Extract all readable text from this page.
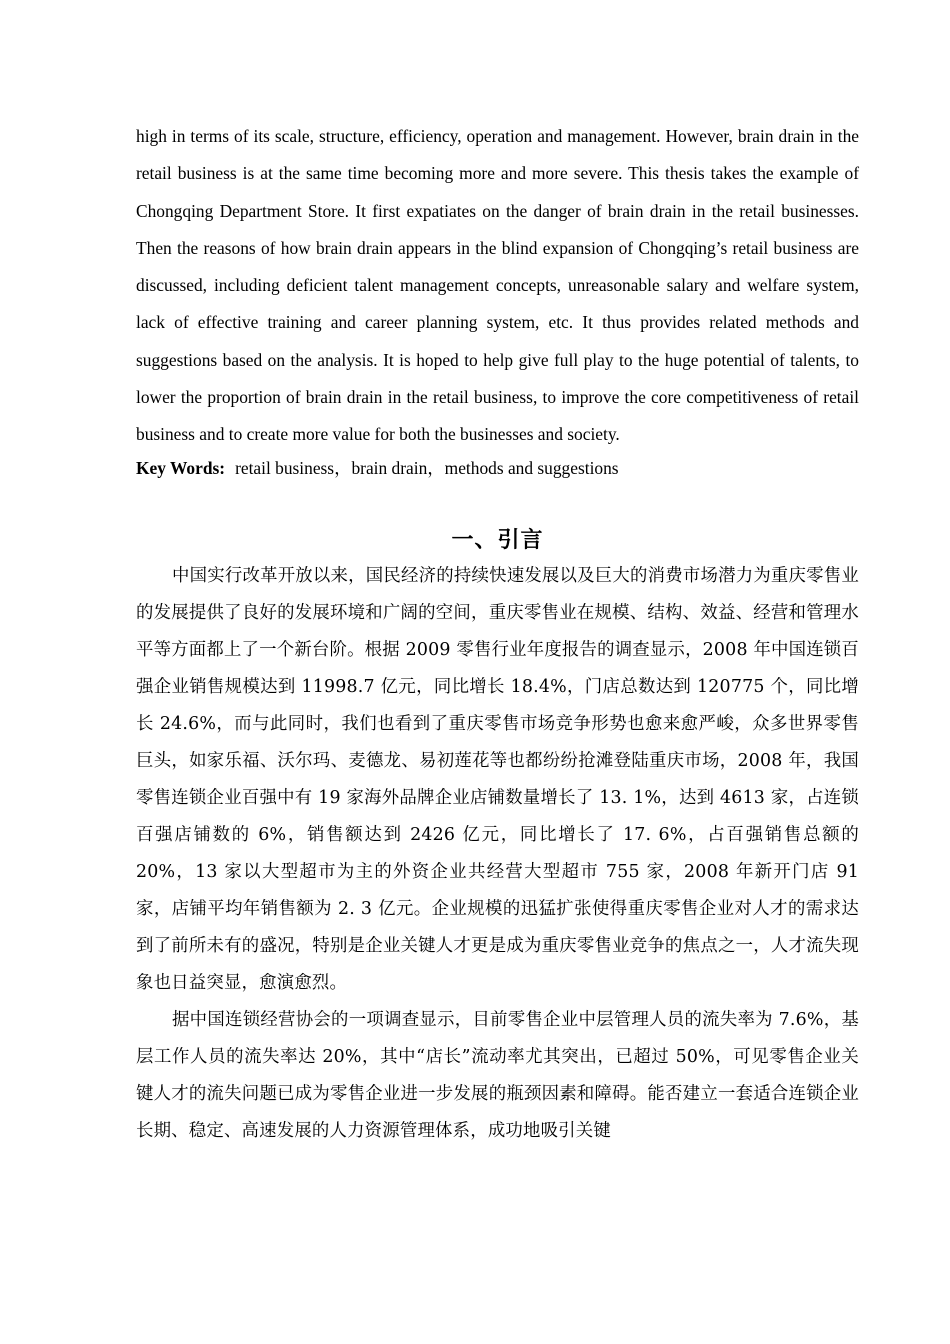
high in terms of its scale, structure, efficiency, operation and management. However, brain drain in the retail business is at the same time becoming more and more severe. This thesis takes the example of Chongqing Department Store. It first expatiates on the danger of brain drain in the retail businesses. Then the reasons of how brain drain appears in the blind expansion of Chongqing’s retail business are discussed, including deficient talent management concepts, unreasonable salary and welfare system, lack of effective training and career planning system, etc. It thus provides related methods and suggestions based on the analysis. It is hoped to help give full play to the huge potential of talents, to lower the proportion of brain drain in the retail business, to improve the core competitiveness of retail business and to create more value for both the businesses and society.

Key Words: retail business，brain drain，methods and suggestions

一、引言

中国实行改革开放以来，国民经济的持续快速发展以及巨大的消费市场潜力为重庆零售业的发展提供了良好的发展环境和广阔的空间，重庆零售业在规模、结构、效益、经营和管理水平等方面都上了一个新台阶。根据 2009 零售行业年度报告的调查显示，2008 年中国连锁百强企业销售规模达到 11998.7 亿元，同比增长 18.4%，门店总数达到 120775 个，同比增长 24.6%，而与此同时，我们也看到了重庆零售市场竞争形势也愈来愈严峻，众多世界零售巨头，如家乐福、沃尔玛、麦德龙、易初莲花等也都纷纷抢滩登陆重庆市场，2008 年，我国零售连锁企业百强中有 19 家海外品牌企业店铺数量增长了 13. 1%，达到 4613 家，占连锁百强店铺数的 6%，销售额达到 2426 亿元，同比增长了 17. 6%，占百强销售总额的 20%，13 家以大型超市为主的外资企业共经营大型超市 755 家，2008 年新开门店 91 家，店铺平均年销售额为 2. 3 亿元。企业规模的迅猛扩张使得重庆零售企业对人才的需求达到了前所未有的盛况，特别是企业关键人才更是成为重庆零售业竞争的焦点之一，人才流失现象也日益突显，愈演愈烈。

据中国连锁经营协会的一项调查显示，目前零售企业中层管理人员的流失率为 7.6%，基层工作人员的流失率达 20%，其中“店长”流动率尤其突出，已超过 50%，可见零售企业关键人才的流失问题已成为零售企业进一步发展的瓶颈因素和障碍。能否建立一套适合连锁企业长期、稳定、高速发展的人力资源管理体系，成功地吸引关键
